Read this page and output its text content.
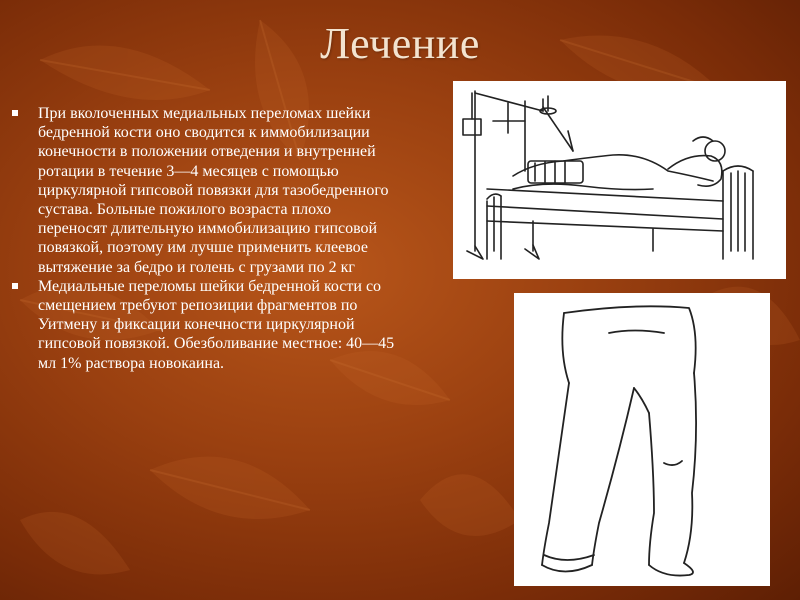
Лечение
При вколоченных медиальных переломах шейки бедренной кости оно сводится к иммобилизации конечности в положении отведения и внутренней ротации в течение 3—4 месяцев с помощью циркулярной гипсовой повязки для тазобедренного сустава. Больные пожилого возраста плохо переносят длительную иммобилизацию гипсовой повязкой, поэтому им лучше применить клеевое вытяжение за бедро и голень с грузами по 2 кг
Медиальные переломы шейки бедренной кости со смещением требуют репозиции фрагментов по Уитмену и фиксации конечности циркулярной гипсовой повязкой. Обезболивание местное: 40—45 мл 1% раствора новокаина.
